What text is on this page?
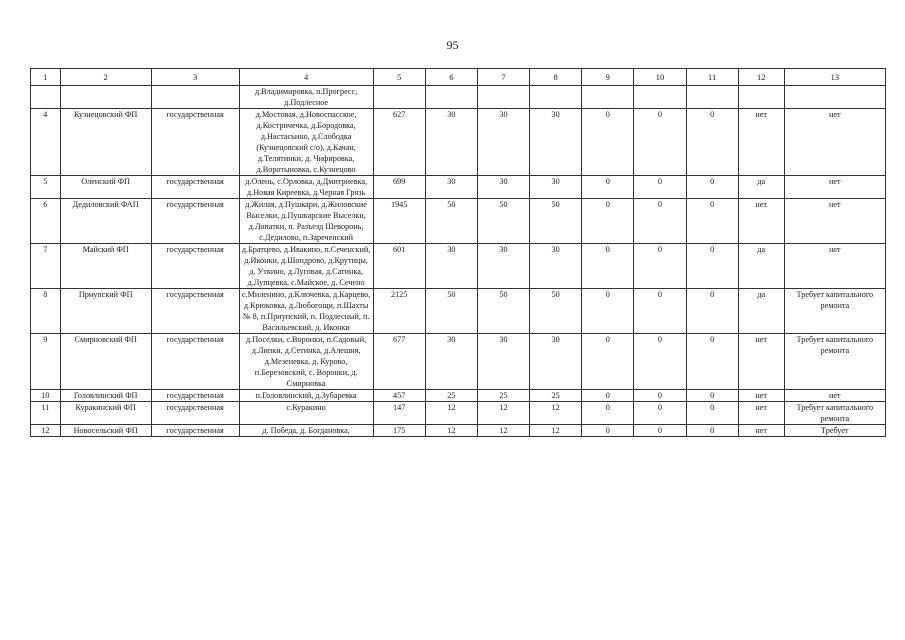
95
1	2	3	4	5	6	7	8	9	10	11	12	13
			д.Владимировка, п.Прогресс, д.Подлесное									
4	Кузнецовский ФП	государственная	д.Мостовая, д.Новоспасское, д.Костричечка, д.Бородовка, д.Настасьино, д.Слободка (Кузнецовский с/о), д.Качан, д.Телятинки, д. Чифировка, д.Воротыновка, с.Кузнецово	627	30	30	30	0	0	0	нет	нет
5	Оленский ФП	государственная	д.Олень, с.Орловка, д.Дмитриевка, д.Новая Киреевка, д.Черная Грязь	699	30	30	30	0	0	0	да	нет
6	Дедиловский ФАП	государственная	д.Жилая, д.Пушкари, д.Жиловские Выселки, д.Пушкарские Выселки, д.Лопатки, п. Разъезд Шеворонь, с.Дедилово, п.Зареченский	1945	50	50	50	0	0	0	нет	нет
7	Майский ФП	государственная	д.Братцево, д.Ивакино, п.Сеченский, д.Иконки, д.Шондрово, д.Крутицы, д. Уткино, д.Луговая, д.Сатинка, д.Лупцевка, с.Майское, д. Сечено	601	30	30	30	0	0	0	да	нет
8	Приупский ФП	государственная	с.Миленино, д.Ключевка, д.Карцево, д.Крюковка, д.Любогощи, п.Шахты № 8, п.Приупский, п. Подлесный, п. Васильевский, д. Иконки	2125	50	50	50	0	0	0	да	Требует капитального ремонта
9	Смирновский ФП	государственная	д.Поселки, с.Воронки, п.Садовый, д.Липки, д.Сетинка, д.Алешня, д.Мезеневка, д. Курово, п.Березовский, с. Воронки, д. Смирновка	677	30	30	30	0	0	0	нет	Требует капитального ремонта
10	Головлинский ФП	государственная	п.Головлинский, д.Зубаревка	457	25	25	25	0	0	0	нет	нет
11	Куракинский ФП	государственная	с.Куракино	147	12	12	12	0	0	0	нет	Требует капитального ремонта
12	Новосельский ФП	государственная	д. Победа, д. Богдановка,	175	12	12	12	0	0	0	нет	Требует
